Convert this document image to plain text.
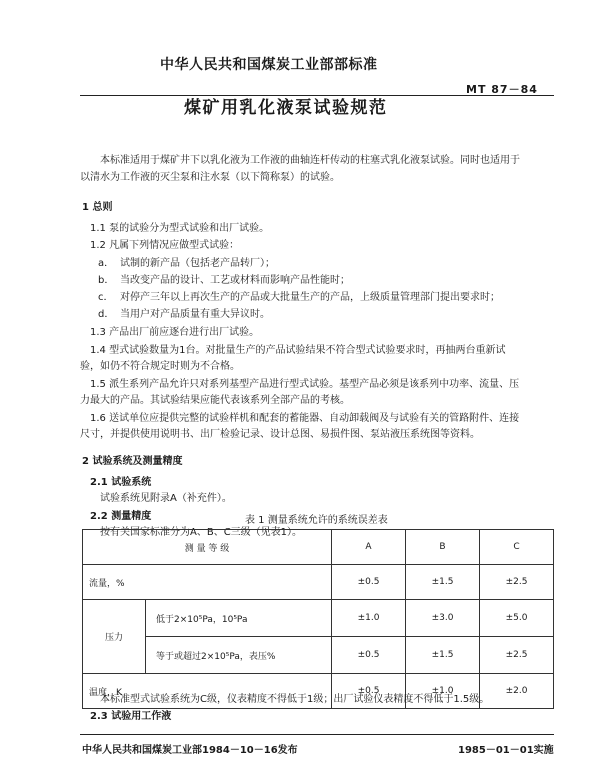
中华人民共和国煤炭工业部部标准
MT 87－84
煤矿用乳化液泵试验规范
本标准适用于煤矿井下以乳化液为工作液的曲轴连杆传动的柱塞式乳化液泵试验。同时也适用于
以清水为工作液的灭尘泵和注水泵（以下简称泵）的试验。
1 总则
1.1 泵的试验分为型式试验和出厂试验。
1.2 凡属下列情况应做型式试验：
a． 试制的新产品（包括老产品转厂）；
b． 当改变产品的设计、工艺或材料而影响产品性能时；
c． 对停产三年以上再次生产的产品或大批量生产的产品，上级质量管理部门提出要求时；
d． 当用户对产品质量有重大异议时。
1.3 产品出厂前应逐台进行出厂试验。
1.4 型式试验数量为1台。对批量生产的产品试验结果不符合型式试验要求时，再抽两台重新试
验，如仍不符合规定时则为不合格。
1.5 派生系列产品允许只对系列基型产品进行型式试验。基型产品必须是该系列中功率、流量、压
力最大的产品。其试验结果应能代表该系列全部产品的考核。
1.6 送试单位应提供完整的试验样机和配套的蓄能器、自动卸载阀及与试验有关的管路附件、连接
尺寸，并提供使用说明书、出厂检验记录、设计总图、易损件图、泵站液压系统图等资料。
2 试验系统及测量精度
2.1 试验系统
试验系统见附录A（补充件）。
2.2 测量精度
按有关国家标准分为A、B、C三级（见表1）。
表 1 测量系统允许的系统误差表
测 量 等 级		A	B	C
流量，%		±0.5	±1.5	±2.5
压力	低于2×10⁵Pa，10⁵Pa	±1.0	±3.0	±5.0
	等于或超过2×10⁵Pa，表压%	±0.5	±1.5	±2.5
温度，K		±0.5	±1.0	±2.0
本标准型式试验系统为C级，仪表精度不得低于1级；出厂试验仪表精度不得低于1.5级。
2.3 试验用工作液
中华人民共和国煤炭工业部1984－10－16发布	1985－01－01实施
